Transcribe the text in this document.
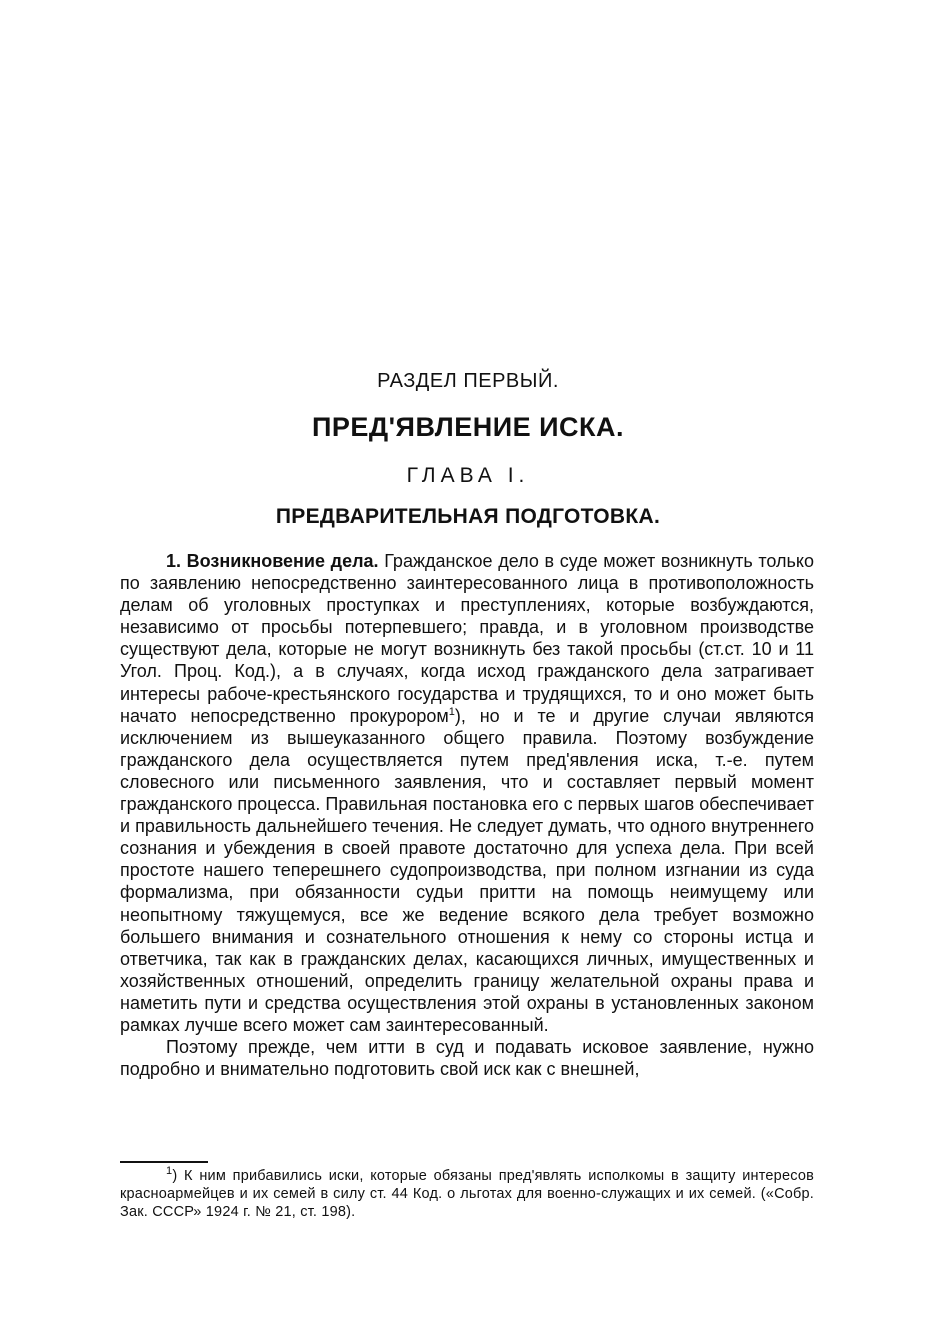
РАЗДЕЛ ПЕРВЫЙ.
ПРЕД'ЯВЛЕНИЕ ИСКА.
ГЛАВА I.
ПРЕДВАРИТЕЛЬНАЯ ПОДГОТОВКА.

1. Возникновение дела. Гражданское дело в суде может возникнуть только по заявлению непосредственно заинтересованного лица в противоположность делам об уголовных проступках и преступлениях, которые возбуждаются, независимо от просьбы потерпевшего; правда, и в уголовном производстве существуют дела, которые не могут возникнуть без такой просьбы (ст.ст. 10 и 11 Угол. Проц. Код.), а в случаях, когда исход гражданского дела затрагивает интересы рабоче-крестьянского государства и трудящихся, то и оно может быть начато непосредственно прокурором$^1$), но и те и другие случаи являются исключением из вышеуказанного общего правила. Поэтому возбуждение гражданского дела осуществляется путем пред'явления иска, т.-е. путем словесного или письменного заявления, что и составляет первый момент гражданского процесса. Правильная постановка его с первых шагов обеспечивает и правильность дальнейшего течения. Не следует думать, что одного внутреннего сознания и убеждения в своей правоте достаточно для успеха дела. При всей простоте нашего теперешнего судопроизводства, при полном изгнании из суда формализма, при обязанности судьи притти на помощь неимущему или неопытному тяжущемуся, все же ведение всякого дела требует возможно большего внимания и сознательного отношения к нему со стороны истца и ответчика, так как в гражданских делах, касающихся личных, имущественных и хозяйственных отношений, определить границу желательной охраны права и наметить пути и средства осуществления этой охраны в установленных законом рамках лучше всего может сам заинтересованный.

Поэтому прежде, чем итти в суд и подавать исковое заявление, нужно подробно и внимательно подготовить свой иск как с внешней,

$^1$) К ним прибавились иски, которые обязаны пред'являть исполкомы в защиту интересов красноармейцев и их семей в силу ст. 44 Код. о льготах для военно-служащих и их семей. («Собр. Зак. СССР» 1924 г. № 21, ст. 198).
